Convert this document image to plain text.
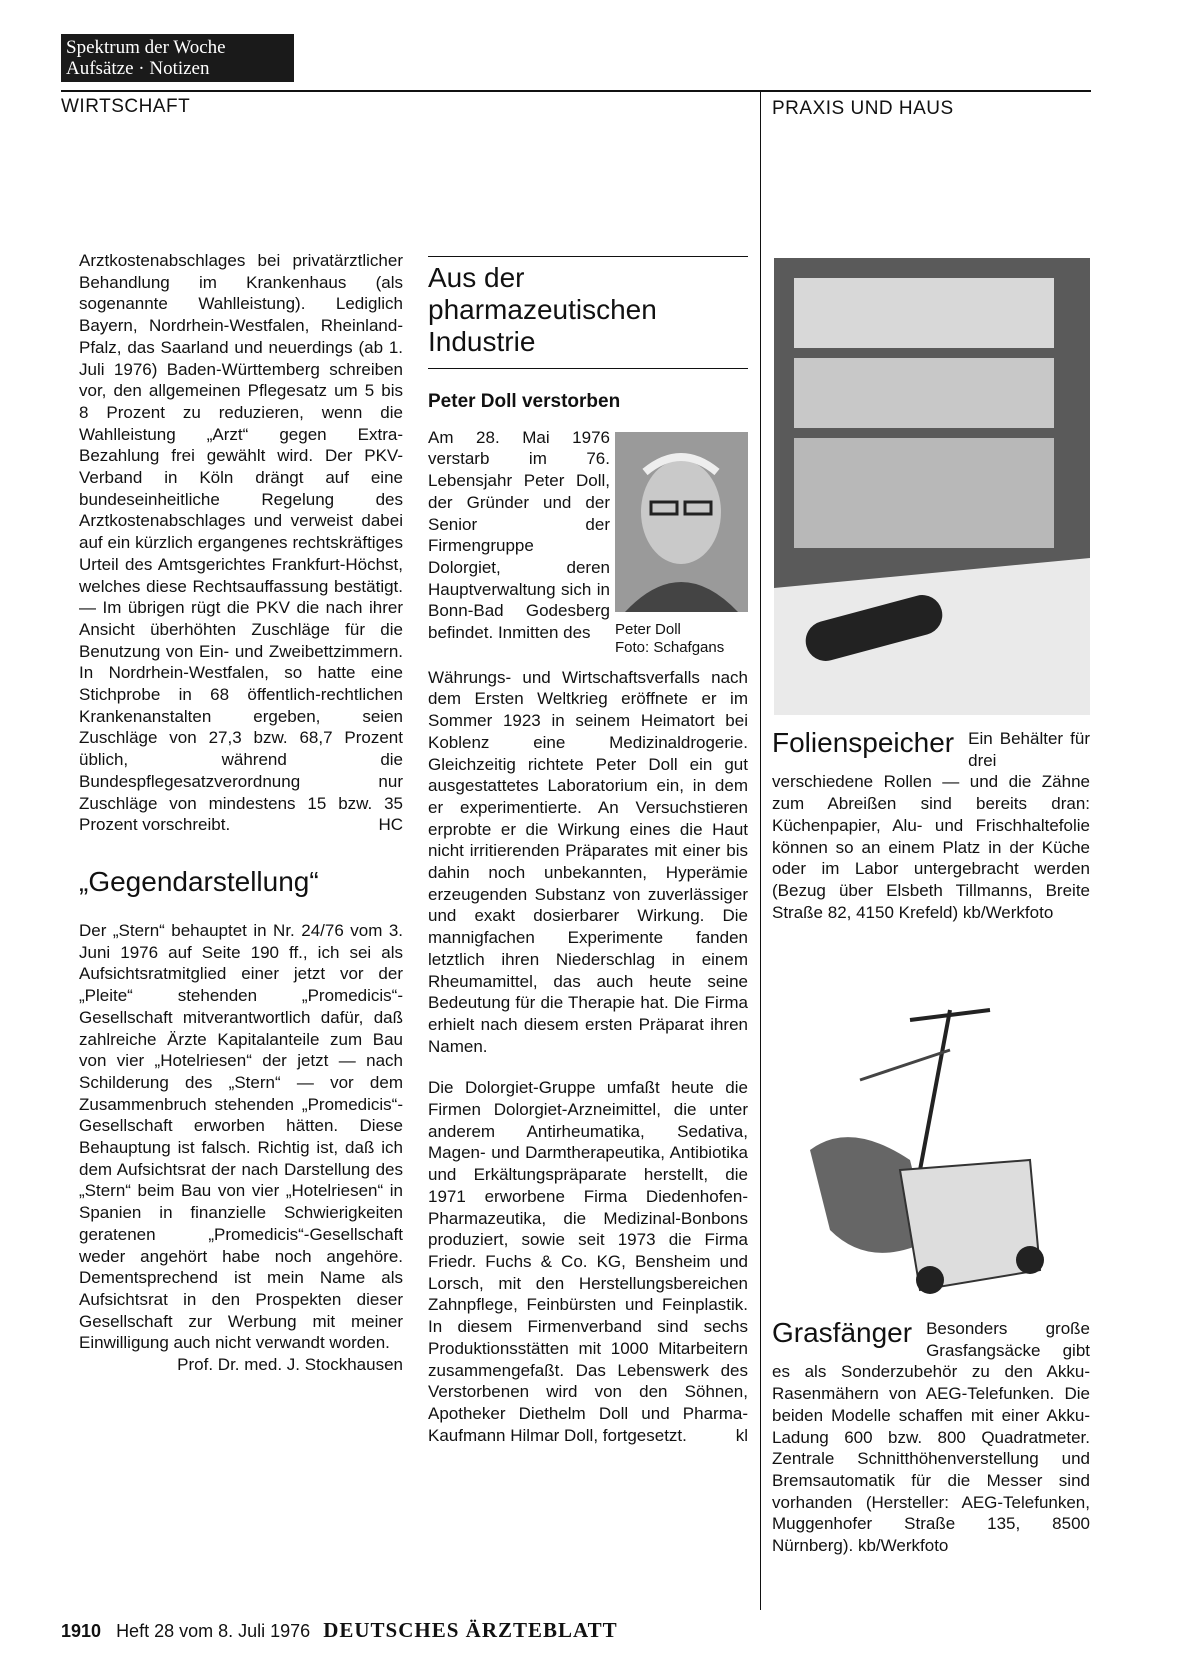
Spektrum der Woche
Aufsätze · Notizen
WIRTSCHAFT	PRAXIS UND HAUS

Arztkostenabschlages bei privatärztlicher Behandlung im Krankenhaus (als sogenannte Wahlleistung). Lediglich Bayern, Nordrhein-Westfalen, Rheinland-Pfalz, das Saarland und neuerdings (ab 1. Juli 1976) Baden-Württemberg schreiben vor, den allgemeinen Pflegesatz um 5 bis 8 Prozent zu reduzieren, wenn die Wahlleistung „Arzt“ gegen Extra-Bezahlung frei gewählt wird. Der PKV-Verband in Köln drängt auf eine bundeseinheitliche Regelung des Arztkostenabschlages und verweist dabei auf ein kürzlich ergangenes rechtskräftiges Urteil des Amtsgerichtes Frankfurt-Höchst, welches diese Rechtsauffassung bestätigt. — Im übrigen rügt die PKV die nach ihrer Ansicht überhöhten Zuschläge für die Benutzung von Ein- und Zweibettzimmern. In Nordrhein-Westfalen, so hatte eine Stichprobe in 68 öffentlich-rechtlichen Krankenanstalten ergeben, seien Zuschläge von 27,3 bzw. 68,7 Prozent üblich, während die Bundespflegesatzverordnung nur Zuschläge von mindestens 15 bzw. 35 Prozent vorschreibt.	HC

„Gegendarstellung“

Der „Stern“ behauptet in Nr. 24/76 vom 3. Juni 1976 auf Seite 190 ff., ich sei als Aufsichtsratmitglied einer jetzt vor der „Pleite“ stehenden „Promedicis“-Gesellschaft mitverantwortlich dafür, daß zahlreiche Ärzte Kapitalanteile zum Bau von vier „Hotelriesen“ der jetzt — nach Schilderung des „Stern“ — vor dem Zusammenbruch stehenden „Promedicis“-Gesellschaft erworben hätten. Diese Behauptung ist falsch. Richtig ist, daß ich dem Aufsichtsrat der nach Darstellung des „Stern“ beim Bau von vier „Hotelriesen“ in Spanien in finanzielle Schwierigkeiten geratenen „Promedicis“-Gesellschaft weder angehört habe noch angehöre. Dementsprechend ist mein Name als Aufsichtsrat in den Prospekten dieser Gesellschaft zur Werbung mit meiner Einwilligung auch nicht verwandt worden.

Prof. Dr. med. J. Stockhausen
Aus der pharmazeutischen Industrie
Peter Doll verstorben
Am 28. Mai 1976 verstarb im 76. Lebensjahr Peter Doll, der Gründer und der Senior der Firmengruppe Dolorgiet, deren Hauptverwaltung sich in Bonn-Bad Godesberg befindet. Inmitten des

Währungs- und Wirtschaftsverfalls nach dem Ersten Weltkrieg eröffnete er im Sommer 1923 in seinem Heimatort bei Koblenz eine Medizinaldrogerie. Gleichzeitig richtete Peter Doll ein gut ausgestattetes Laboratorium ein, in dem er experimentierte. An Versuchstieren erprobte er die Wirkung eines die Haut nicht irritierenden Präparates mit einer bis dahin noch unbekannten, Hyperämie erzeugenden Substanz von zuverlässiger und exakt dosierbarer Wirkung. Die mannigfachen Experimente fanden letztlich ihren Niederschlag in einem Rheumamittel, das auch heute seine Bedeutung für die Therapie hat. Die Firma erhielt nach diesem ersten Präparat ihren Namen.

Die Dolorgiet-Gruppe umfaßt heute die Firmen Dolorgiet-Arzneimittel, die unter anderem Antirheumatika, Sedativa, Magen- und Darmtherapeutika, Antibiotika und Erkältungspräparate herstellt, die 1971 erworbene Firma Diedenhofen-Pharmazeutika, die Medizinal-Bonbons produziert, sowie seit 1973 die Firma Friedr. Fuchs & Co. KG, Bensheim und Lorsch, mit den Herstellungsbereichen Zahnpflege, Feinbürsten und Feinplastik. In diesem Firmenverband sind sechs Produktionsstätten mit 1000 Mitarbeitern zusammengefaßt. Das Lebenswerk des Verstorbenen wird von den Söhnen, Apotheker Diethelm Doll und Pharma-Kaufmann Hilmar Doll, fortgesetzt.	kl

Peter Doll
Foto: Schafgans
Folienspeicher Ein Behälter für drei verschiedene Rollen — und die Zähne zum Abreißen sind bereits dran: Küchenpapier, Alu- und Frischhaltefolie können so an einem Platz in der Küche oder im Labor untergebracht werden (Bezug über Elsbeth Tillmanns, Breite Straße 82, 4150 Krefeld) kb/Werkfoto

Grasfänger Besonders große Grasfangsäcke gibt es als Sonderzubehör zu den Akku-Rasenmähern von AEG-Telefunken. Die beiden Modelle schaffen mit einer Akku-Ladung 600 bzw. 800 Quadratmeter. Zentrale Schnitthöhenverstellung und Bremsautomatik für die Messer sind vorhanden (Hersteller: AEG-Telefunken, Muggenhofer Straße 135, 8500 Nürnberg). kb/Werkfoto

1910 Heft 28 vom 8. Juli 1976 DEUTSCHES ÄRZTEBLATT
